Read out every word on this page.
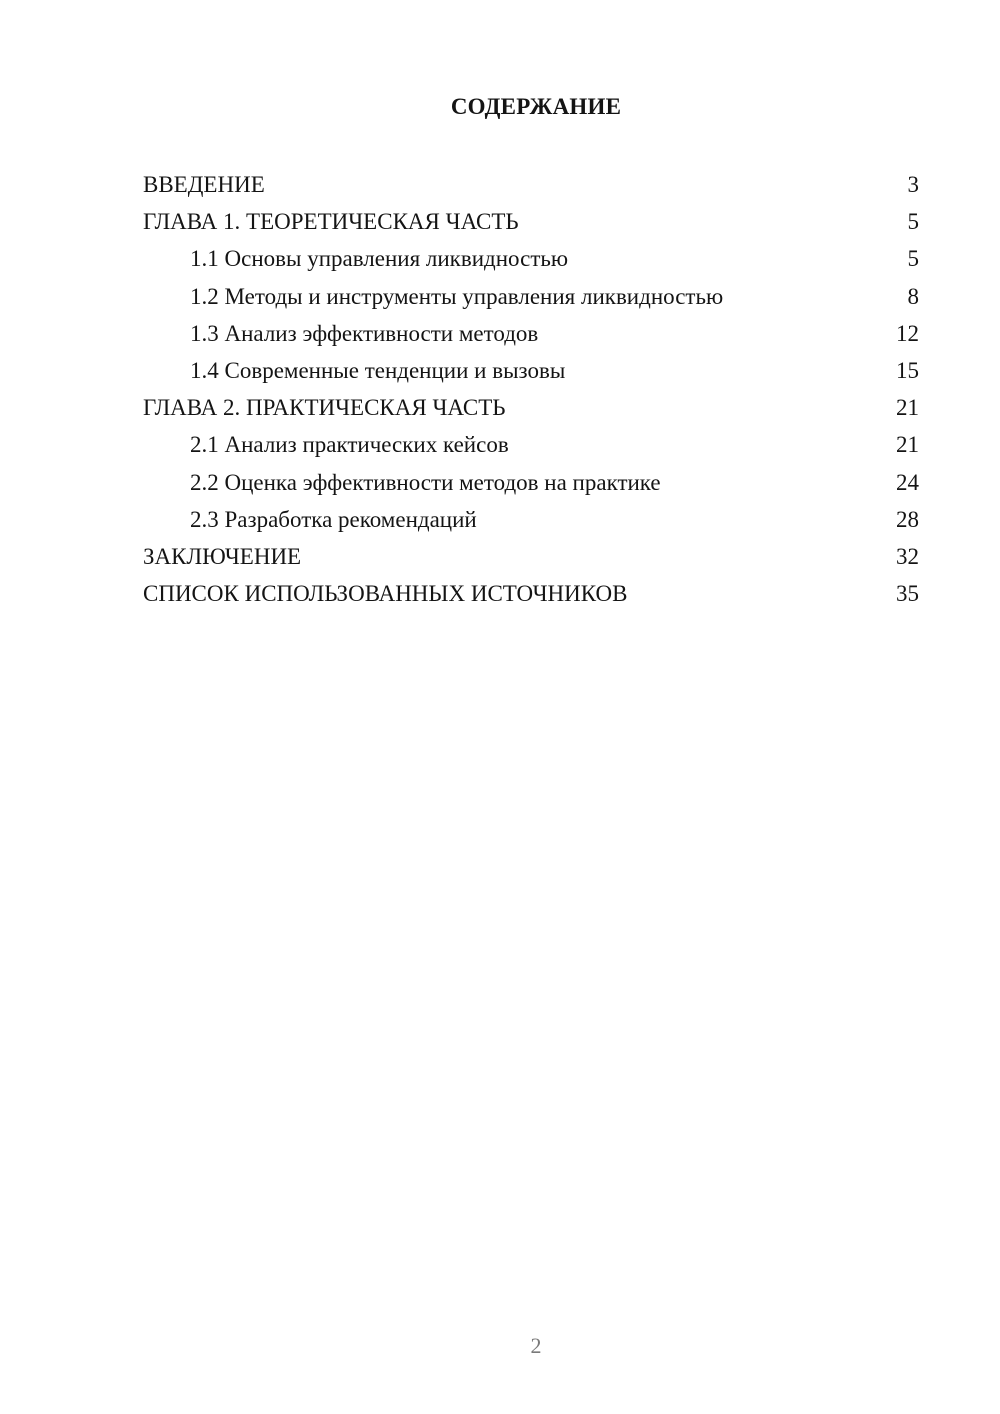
СОДЕРЖАНИЕ
ВВЕДЕНИЕ	3
ГЛАВА 1. ТЕОРЕТИЧЕСКАЯ ЧАСТЬ	5
1.1 Основы управления ликвидностью	5
1.2 Методы и инструменты управления ликвидностью	8
1.3 Анализ эффективности методов	12
1.4 Современные тенденции и вызовы	15
ГЛАВА 2. ПРАКТИЧЕСКАЯ ЧАСТЬ	21
2.1 Анализ практических кейсов	21
2.2 Оценка эффективности методов на практике	24
2.3 Разработка рекомендаций	28
ЗАКЛЮЧЕНИЕ	32
СПИСОК ИСПОЛЬЗОВАННЫХ ИСТОЧНИКОВ	35
2
